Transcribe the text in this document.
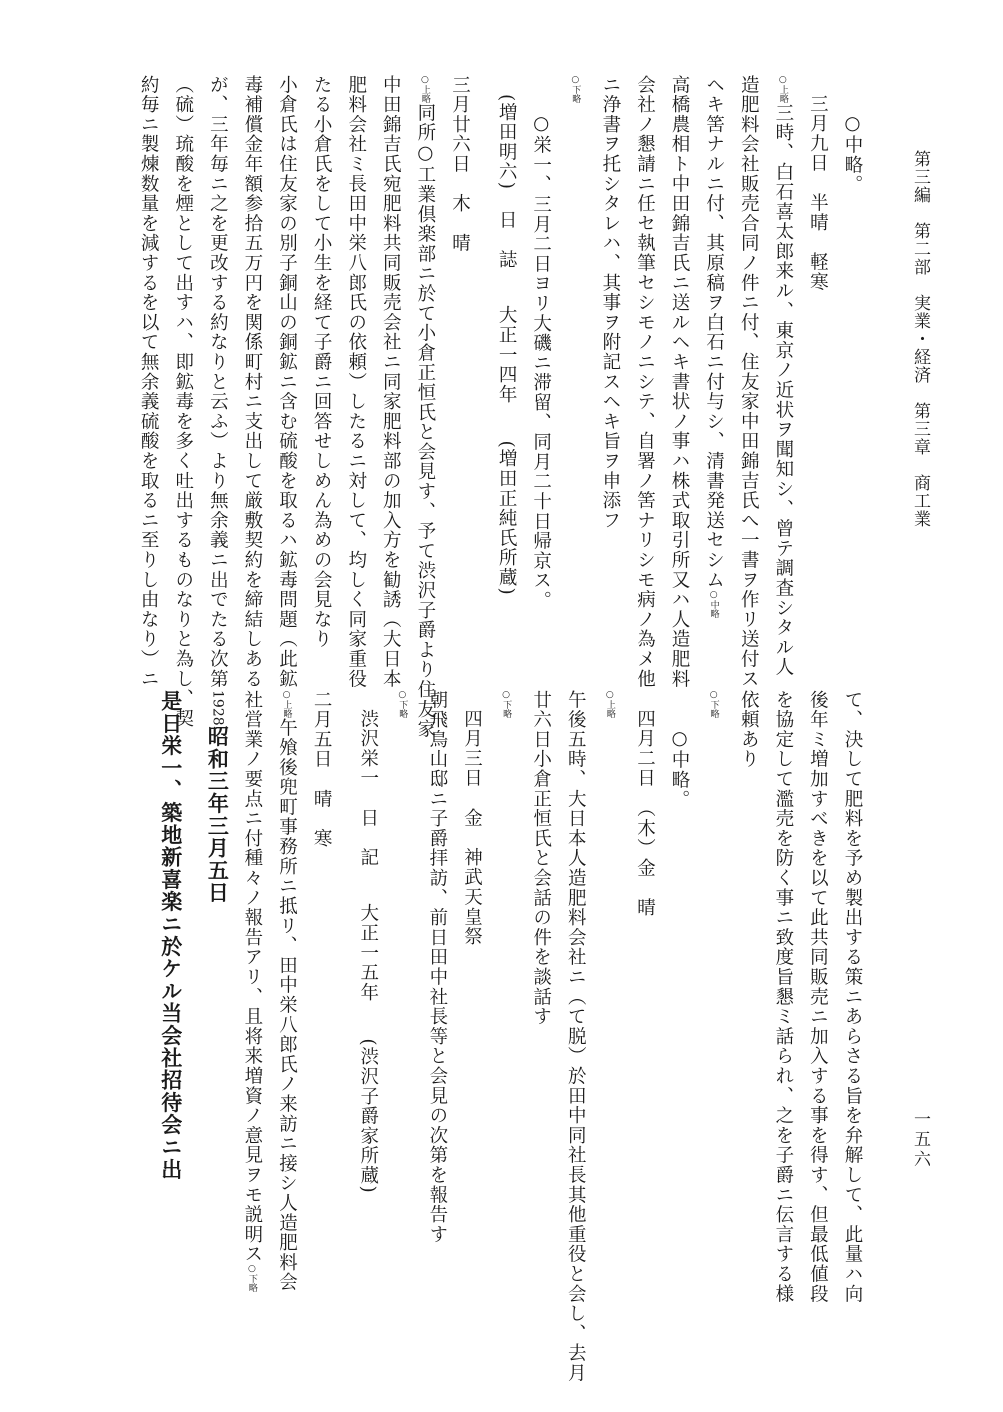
第三編第二部　実業・経済第三章　商工業
一五六
○中略。
三月九日　半晴　軽寒
○上略三時、白石喜太郎来ル、東京ノ近状ヲ聞知シ、曾テ調査シタル人
造肥料会社販売合同ノ件ニ付、住友家中田錦吉氏へ一書ヲ作リ送付ス
ヘキ筈ナルニ付、其原稿ヲ白石ニ付与シ、清書発送セシム○中略
高橋農相ト中田錦吉氏ニ送ルヘキ書状ノ事ハ株式取引所又ハ人造肥料
会社ノ懇請ニ任セ執筆セシモノニシテ、自署ノ筈ナリシモ病ノ為メ他
ニ浄書ヲ托シタレハ、其事ヲ附記スヘキ旨ヲ申添フ
○下略
○栄一、三月二日ヨリ大磯ニ滞留、同月二十日帰京ス。
(増田明六)　日　誌大正一四年(増田正純氏所蔵)
三月廿六日　木　晴
○上略同所○工業倶楽部ニ於て小倉正恒氏と会見す、予て渋沢子爵より住友家
中田錦吉氏宛肥料共同販売会社ニ同家肥料部の加入方を勧誘（大日本
肥料会社ミ長田中栄八郎氏の依頼）したるニ対して、均しく同家重役
たる小倉氏をして小生を経て子爵ニ回答せしめん為めの会見なり
小倉氏は住友家の別子銅山の銅鉱ニ含む硫酸を取るハ鉱毒問題（此鉱
毒補償金年額参拾五万円を関係町村ニ支出して厳敷契約を締結しある
が、三年毎ニ之を更改する約なりと云ふ）より無余義ニ出でたる次第
（硫）琉酸を煙として出すハ、即鉱毒を多く吐出するものなりと為し、契
約毎ニ製煉数量を減するを以て無余義硫酸を取るニ至りし由なり）ニ
て、決して肥料を予め製出する策ニあらさる旨を弁解して、此量ハ向
後年ミ増加すべきを以て此共同販売ニ加入する事を得す、但最低値段
を協定して濫売を防く事ニ致度旨懇ミ話られ、之を子爵ニ伝言する様
依頼あり
○下略
○中略。
四月二日　（木）金　晴
○上略
午後五時、大日本人造肥料会社ニ（て脱）於田中同社長其他重役と会し、去月
廿六日小倉正恒氏と会話の件を談話す
○下略
四月三日　金　神武天皇祭
朝飛鳥山邸ニ子爵拝訪、前日田中社長等と会見の次第を報告す
○下略
渋沢栄一　日　記大正一五年(渋沢子爵家所蔵)
二月五日　晴　寒
○上略午飧後兜町事務所ニ抵リ、田中栄八郎氏ノ来訪ニ接シ人造肥料会
社営業ノ要点ニ付種々ノ報告アリ、且将来増資ノ意見ヲモ説明ス○下略
1928昭和三年三月五日
是日栄一、築地新喜楽ニ於ケル当会社招待会ニ出
